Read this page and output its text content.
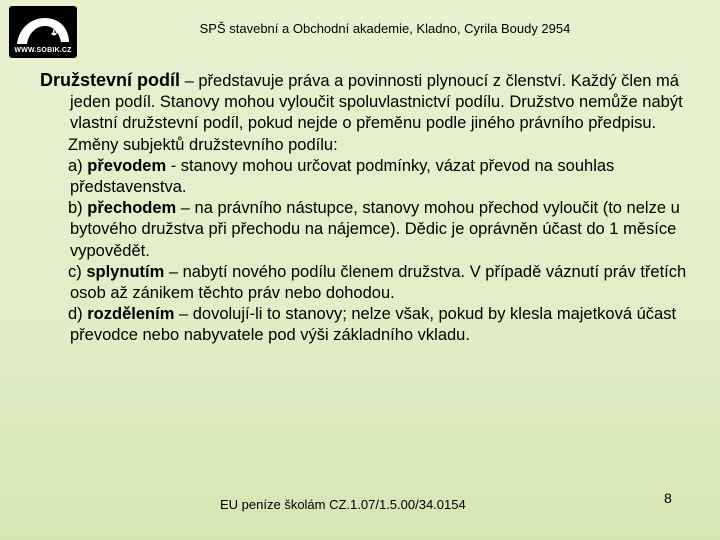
WWW.SOBIK.CZ
SPŠ stavební a Obchodní akademie, Kladno, Cyrila Boudy 2954

Družstevní podíl – představuje práva a povinnosti plynoucí z členství. Každý člen má jeden podíl. Stanovy mohou vyloučit spoluvlastnictví podílu. Družstvo nemůže nabýt vlastní družstevní podíl, pokud nejde o přeměnu podle jiného právního předpisu.

Změny subjektů družstevního podílu:

a) převodem - stanovy mohou určovat podmínky, vázat převod na souhlas představenstva.

b) přechodem – na právního nástupce, stanovy mohou přechod vyloučit (to nelze u bytového družstva při přechodu na nájemce). Dědic je oprávněn účast do 1 měsíce vypovědět.

c) splynutím – nabytí nového podílu členem družstva. V případě váznutí práv třetích osob až zánikem těchto práv nebo dohodou.

d) rozdělením – dovolují-li to stanovy; nelze však, pokud by klesla majetková účast převodce nebo nabyvatele pod výši základního vkladu.

EU peníze školám CZ.1.07/1.5.00/34.0154	8
